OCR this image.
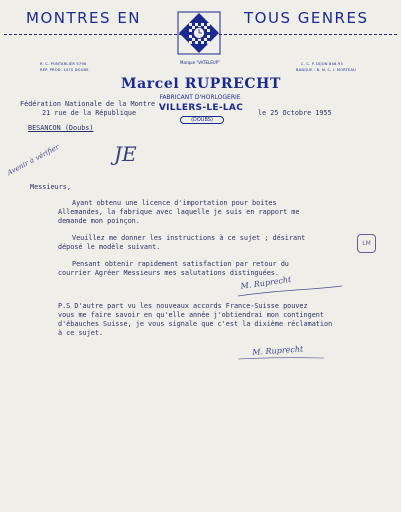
MONTRES EN	TOUS GENRES
Marque "VATELEUP"
R. C. PONTARLIER 5796
REP. PROD. 1070 DOUBS
C. C. P. DIJON 846.93
BANQUE : B. N. C. I. MORTEAU
Marcel RUPRECHT
FABRICANT D'HORLOGERIE
VILLERS-LE-LAC
(DOUBS)
le 25 Octobre 1955
Fédération Nationale de la Montre
21 rue de la République
BESANCON (Doubs)
JE
Avenir à vérifier
Messieurs,
Ayant obtenu une licence d'importation pour boites
Allemandes, la fabrique avec laquelle je suis en rapport me
demande mon poinçon.
Veuillez me donner les instructions à ce sujet ; désirant
déposé le modèle suivant.
Pensant obtenir rapidement satisfaction par retour du
courrier Agréer Messieurs mes salutations distinguées.
LM
M. Ruprecht
P.S D'autre part vu les nouveaux accords France-Suisse pouvez
vous me faire savoir en qu'elle année j'obtiendrai mon contingent
d'ébauches Suisse, je vous signale que c'est la dixième réclamation
à ce sujet.
M. Ruprecht
